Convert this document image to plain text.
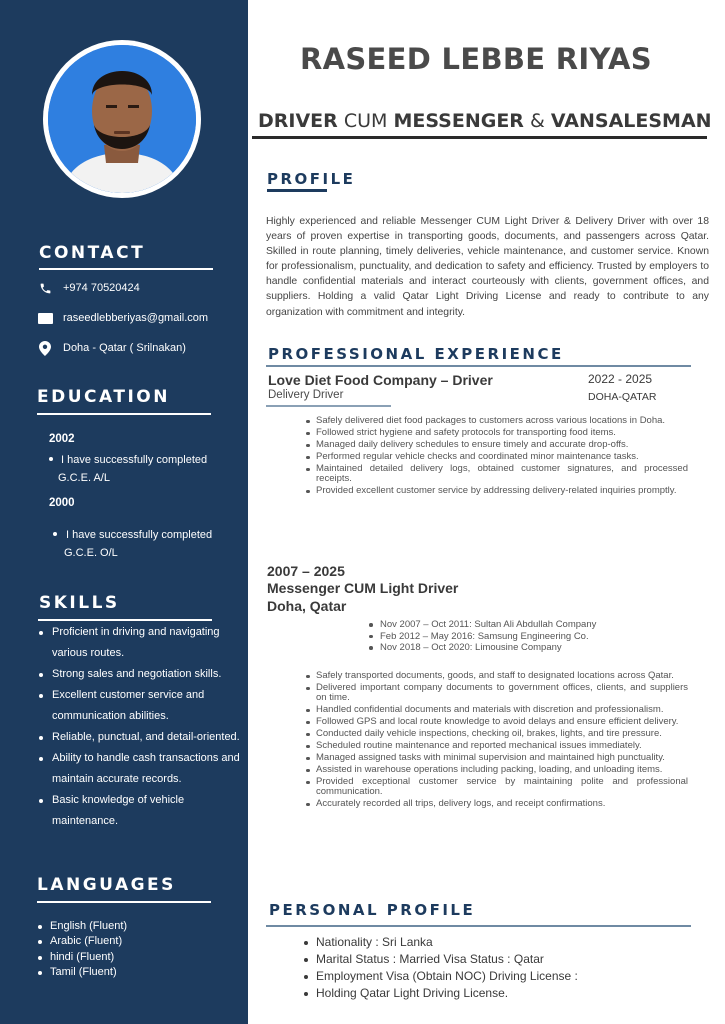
CONTACT
+974 70520424
raseedlebberiyas@gmail.com
Doha - Qatar ( Srilnakan)
EDUCATION
2002
I have successfully completed
G.C.E. A/L
2000
I have successfully completed
G.C.E. O/L
SKILLS
Proficient in driving and navigating various routes.
Strong sales and negotiation skills.
Excellent customer service and communication abilities.
Reliable, punctual, and detail-oriented.
Ability to handle cash transactions and maintain accurate records.
Basic knowledge of vehicle maintenance.
LANGUAGES
English (Fluent)
Arabic (Fluent)
hindi (Fluent)
Tamil (Fluent)
RASEED LEBBE RIYAS
DRIVER CUM MESSENGER & VANSALESMAN
PROFILE
Highly experienced and reliable Messenger CUM Light Driver & Delivery Driver with over 18 years of proven expertise in transporting goods, documents, and passengers across Qatar. Skilled in route planning, timely deliveries, vehicle maintenance, and customer service. Known for professionalism, punctuality, and dedication to safety and efficiency. Trusted by employers to handle confidential materials and interact courteously with clients, government offices, and suppliers. Holding a valid Qatar Light Driving License and ready to contribute to any organization with commitment and integrity.
PROFESSIONAL EXPERIENCE
Love Diet Food Company – Driver
Delivery Driver
2022 - 2025
DOHA-QATAR
Safely delivered diet food packages to customers across various locations in Doha.
Followed strict hygiene and safety protocols for transporting food items.
Managed daily delivery schedules to ensure timely and accurate drop-offs.
Performed regular vehicle checks and coordinated minor maintenance tasks.
Maintained detailed delivery logs, obtained customer signatures, and processed receipts.
Provided excellent customer service by addressing delivery-related inquiries promptly.
2007 – 2025
Messenger CUM Light Driver
Doha, Qatar
Nov 2007 – Oct 2011: Sultan Ali Abdullah Company
Feb 2012 – May 2016: Samsung Engineering Co.
Nov 2018 – Oct 2020: Limousine Company
Safely transported documents, goods, and staff to designated locations across Qatar.
Delivered important company documents to government offices, clients, and suppliers on time.
Handled confidential documents and materials with discretion and professionalism.
Followed GPS and local route knowledge to avoid delays and ensure efficient delivery.
Conducted daily vehicle inspections, checking oil, brakes, lights, and tire pressure.
Scheduled routine maintenance and reported mechanical issues immediately.
Managed assigned tasks with minimal supervision and maintained high punctuality.
Assisted in warehouse operations including packing, loading, and unloading items.
Provided exceptional customer service by maintaining polite and professional communication.
Accurately recorded all trips, delivery logs, and receipt confirmations.
PERSONAL PROFILE
Nationality : Sri Lanka
Marital Status : Married Visa Status : Qatar
Employment Visa (Obtain NOC) Driving License :
Holding Qatar Light Driving License.
